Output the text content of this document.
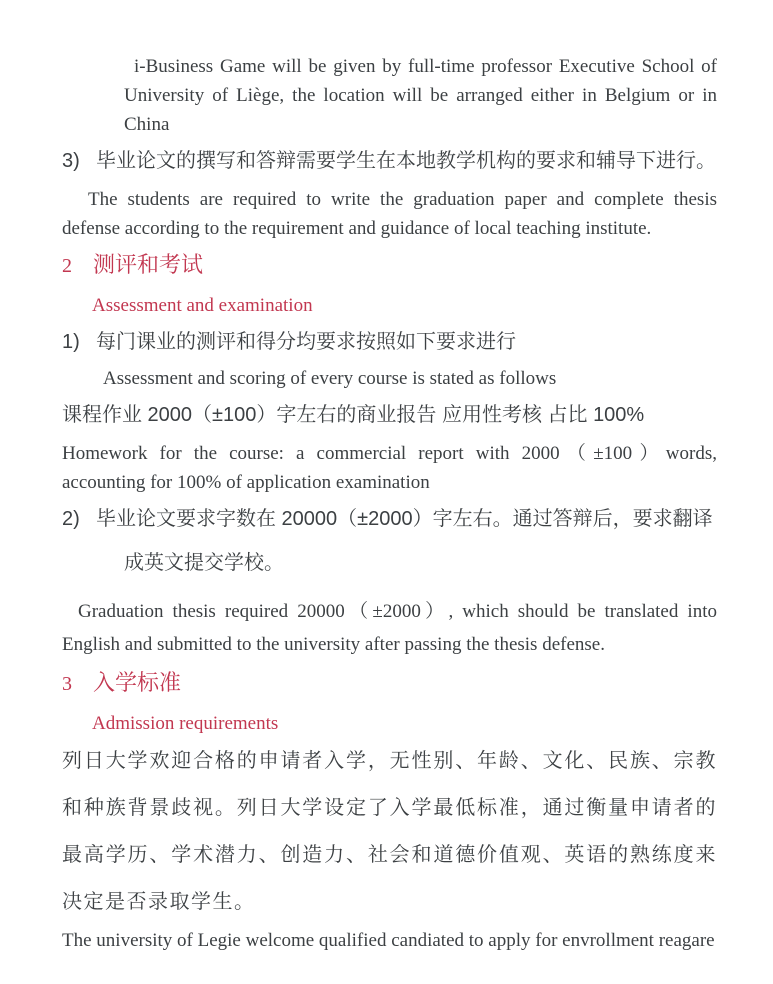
i-Business Game will be given by full-time professor Executive School of University of Liège, the location will be arranged either in Belgium or in China

3) 毕业论文的撰写和答辩需要学生在本地教学机构的要求和辅导下进行。

The students are required to write the graduation paper and complete thesis defense according to the requirement and guidance of local teaching institute.

2 测评和考试

Assessment and examination

1) 每门课业的测评和得分均要求按照如下要求进行

Assessment and scoring of every course is stated as follows

课程作业 2000（±100）字左右的商业报告 应用性考核 占比 100%

Homework for the course: a commercial report with 2000（±100）words, accounting for 100% of application examination

2) 毕业论文要求字数在 20000（±2000）字左右。通过答辩后，要求翻译成英文提交学校。

Graduation thesis required 20000（±2000）, which should be translated into English and submitted to the university after passing the thesis defense.

3 入学标准

Admission requirements

列日大学欢迎合格的申请者入学，无性别、年龄、文化、民族、宗教和种族背景歧视。列日大学设定了入学最低标准，通过衡量申请者的最高学历、学术潜力、创造力、社会和道德价值观、英语的熟练度来决定是否录取学生。

The university of Legie welcome qualified candiated to apply for envrollment reagare
